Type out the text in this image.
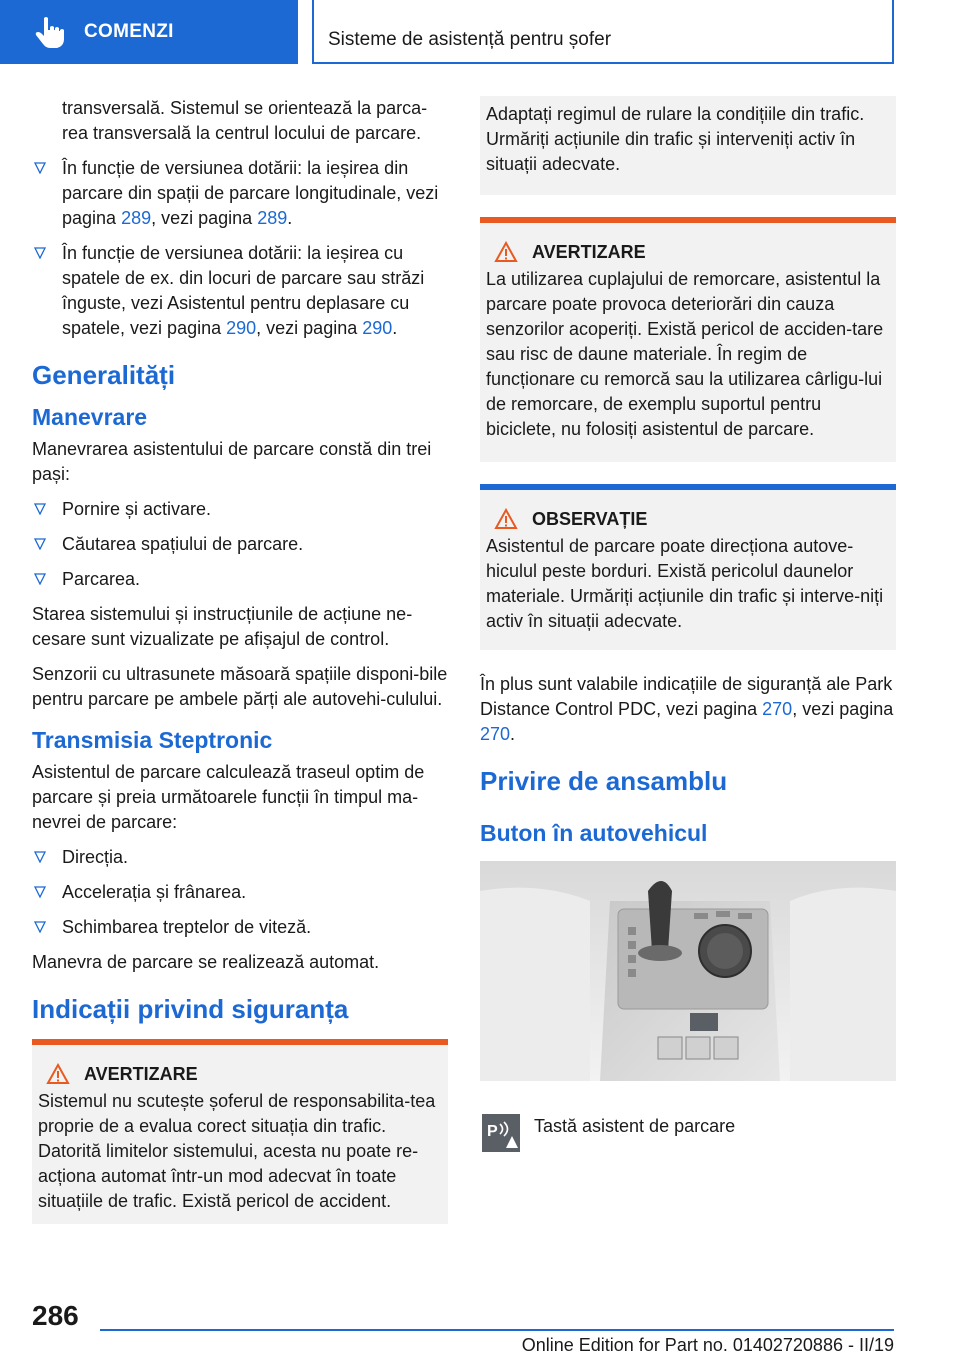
COMENZI	Sisteme de asistență pentru șofer

transversală. Sistemul se orientează la parca-rea transversală la centrul locului de parcare.

În funcție de versiunea dotării: la ieșirea din parcare din spații de parcare longitudinale, vezi pagina 289, vezi pagina 289.
În funcție de versiunea dotării: la ieșirea cu spatele de ex. din locuri de parcare sau străzi înguste, vezi Asistentul pentru deplasare cu spatele, vezi pagina 290, vezi pagina 290.
Generalități
Manevrare

Manevrarea asistentului de parcare constă din trei pași:

Pornire și activare.
Căutarea spațiului de parcare.
Parcarea.

Starea sistemului și instrucțiunile de acțiune ne-cesare sunt vizualizate pe afișajul de control.

Senzorii cu ultrasunete măsoară spațiile disponi-bile pentru parcare pe ambele părți ale autovehi-culului.

Transmisia Steptronic

Asistentul de parcare calculează traseul optim de parcare și preia următoarele funcții în timpul ma-nevrei de parcare:

Direcția.
Accelerația și frânarea.
Schimbarea treptelor de viteză.

Manevra de parcare se realizează automat.

Indicații privind siguranța
AVERTIZARE

Sistemul nu scutește șoferul de responsabilita-tea proprie de a evalua corect situația din trafic. Datorită limitelor sistemului, acesta nu poate re-acționa automat într-un mod adecvat în toate situațiile de trafic. Există pericol de accident.

Adaptați regimul de rulare la condițiile din trafic. Urmăriți acțiunile din trafic și interveniți activ în situații adecvate.

AVERTIZARE

La utilizarea cuplajului de remorcare, asistentul la parcare poate provoca deteriorări din cauza senzorilor acoperiți. Există pericol de acciden-tare sau risc de daune materiale. În regim de funcționare cu remorcă sau la utilizarea cârligu-lui de remorcare, de exemplu suportul pentru biciclete, nu folosiți asistentul de parcare.

OBSERVAȚIE

Asistentul de parcare poate direcționa autove-hiculul peste borduri. Există pericolul daunelor materiale. Urmăriți acțiunile din trafic și interve-niți activ în situații adecvate.

În plus sunt valabile indicațiile de siguranță ale Park Distance Control PDC, vezi pagina 270, vezi pagina 270.

Privire de ansamblu
Buton în autovehicul
P Tastă asistent de parcare

286
Online Edition for Part no. 01402720886 - II/19
